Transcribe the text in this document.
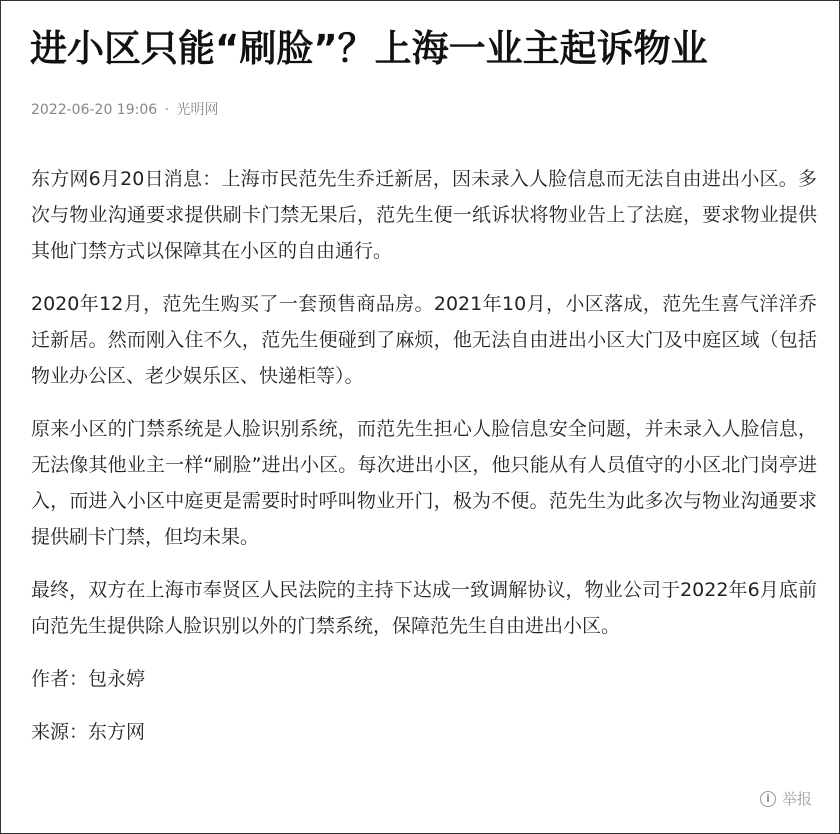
进小区只能“刷脸”？上海一业主起诉物业
2022-06-20 19:06 · 光明网

东方网6月20日消息：上海市民范先生乔迁新居，因未录入人脸信息而无法自由进出小区。多次与物业沟通要求提供刷卡门禁无果后，范先生便一纸诉状将物业告上了法庭，要求物业提供其他门禁方式以保障其在小区的自由通行。

2020年12月，范先生购买了一套预售商品房。2021年10月，小区落成，范先生喜气洋洋乔迁新居。然而刚入住不久，范先生便碰到了麻烦，他无法自由进出小区大门及中庭区域（包括物业办公区、老少娱乐区、快递柜等）。

原来小区的门禁系统是人脸识别系统，而范先生担心人脸信息安全问题，并未录入人脸信息，无法像其他业主一样“刷脸”进出小区。每次进出小区，他只能从有人员值守的小区北门岗亭进入，而进入小区中庭更是需要时时呼叫物业开门，极为不便。范先生为此多次与物业沟通要求提供刷卡门禁，但均未果。

最终，双方在上海市奉贤区人民法院的主持下达成一致调解协议，物业公司于2022年6月底前向范先生提供除人脸识别以外的门禁系统，保障范先生自由进出小区。

作者：包永婷

来源：东方网

i 举报
